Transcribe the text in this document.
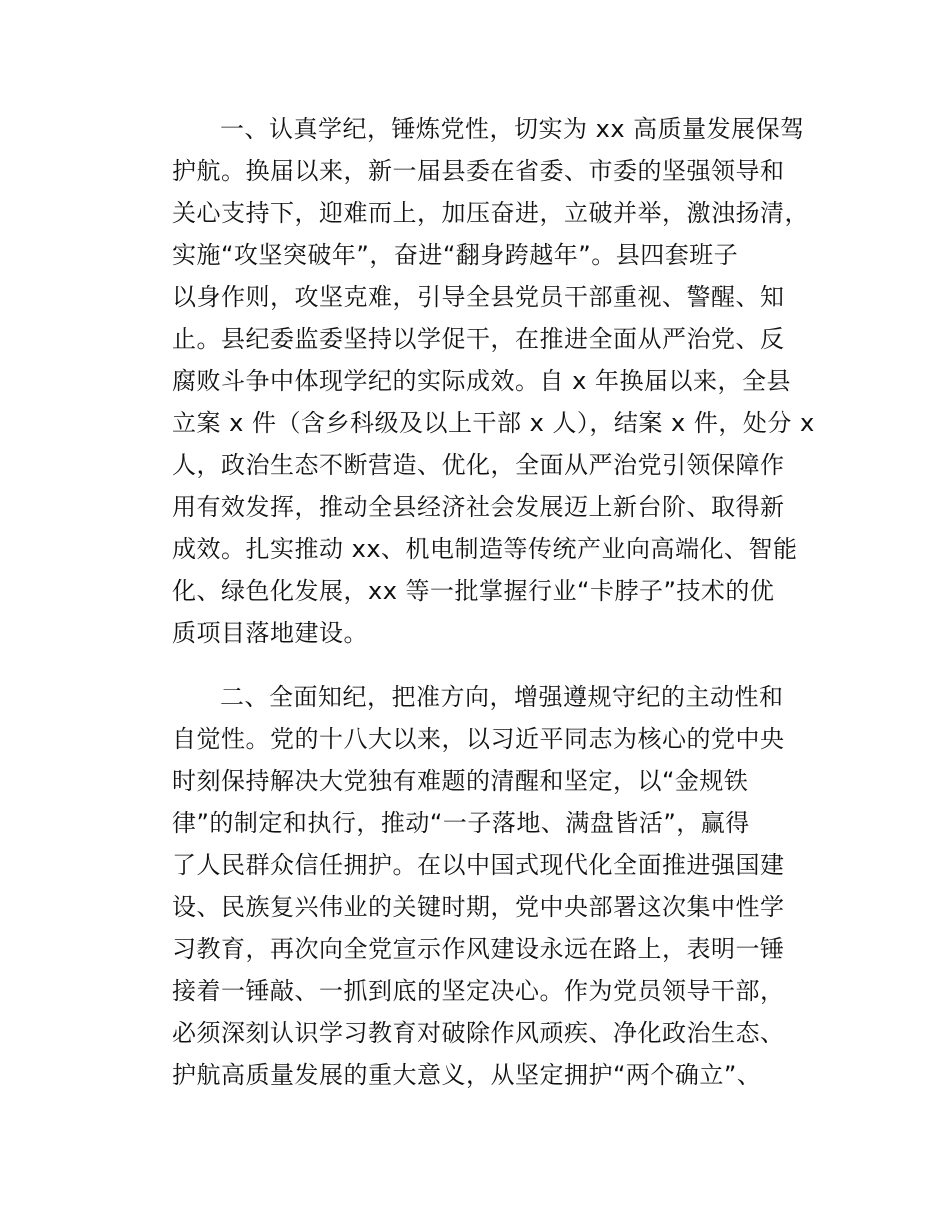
一、认真学纪，锤炼党性，切实为 xx 高质量发展保驾
护航。换届以来，新一届县委在省委、市委的坚强领导和
关心支持下，迎难而上，加压奋进，立破并举，激浊扬清，
实施“攻坚突破年”，奋进“翻身跨越年”。县四套班子
以身作则，攻坚克难，引导全县党员干部重视、警醒、知
止。县纪委监委坚持以学促干，在推进全面从严治党、反
腐败斗争中体现学纪的实际成效。自 x 年换届以来，全县
立案 x 件（含乡科级及以上干部 x 人），结案 x 件，处分 x
人，政治生态不断营造、优化，全面从严治党引领保障作
用有效发挥，推动全县经济社会发展迈上新台阶、取得新
成效。扎实推动 xx、机电制造等传统产业向高端化、智能
化、绿色化发展，xx 等一批掌握行业“卡脖子”技术的优
质项目落地建设。
二、全面知纪，把准方向，增强遵规守纪的主动性和
自觉性。党的十八大以来，以习近平同志为核心的党中央
时刻保持解决大党独有难题的清醒和坚定，以“金规铁
律”的制定和执行，推动“一子落地、满盘皆活”，赢得
了人民群众信任拥护。在以中国式现代化全面推进强国建
设、民族复兴伟业的关键时期，党中央部署这次集中性学
习教育，再次向全党宣示作风建设永远在路上，表明一锤
接着一锤敲、一抓到底的坚定决心。作为党员领导干部，
必须深刻认识学习教育对破除作风顽疾、净化政治生态、
护航高质量发展的重大意义，从坚定拥护“两个确立”、
